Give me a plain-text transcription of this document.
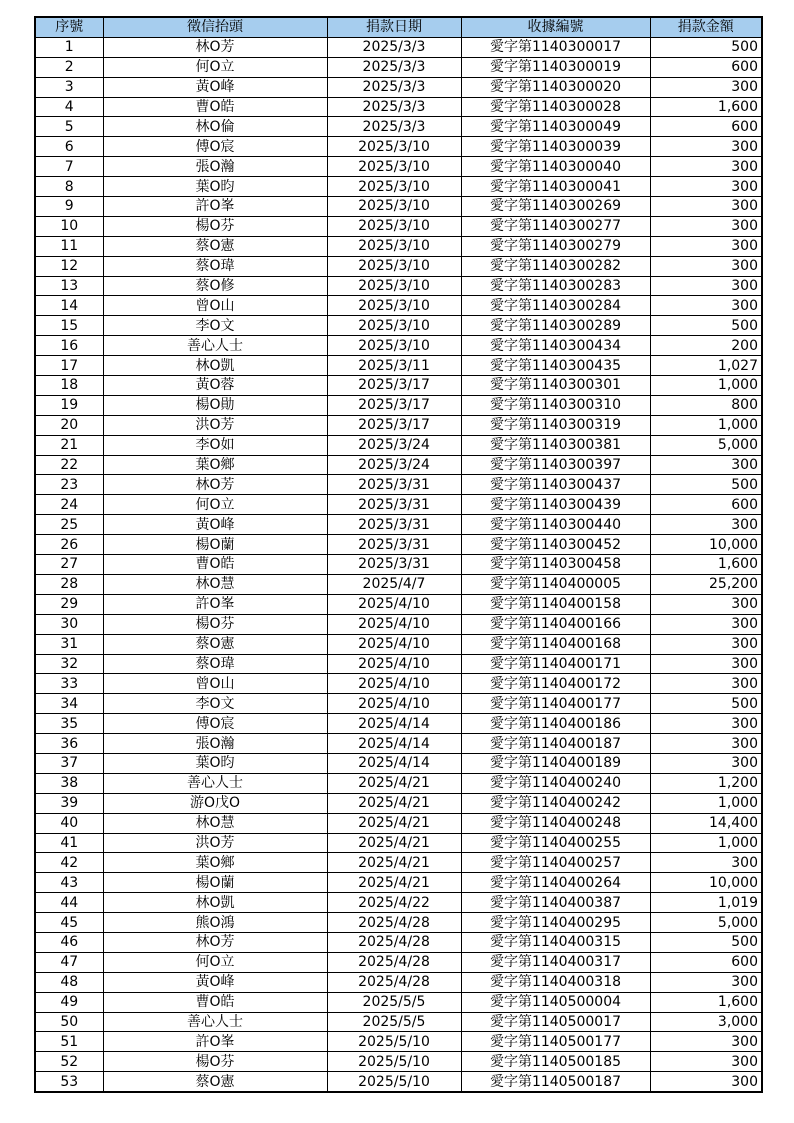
序號	徵信抬頭	捐款日期	收據編號	捐款金額
1	林O芳	2025/3/3	愛字第1140300017	500
2	何O立	2025/3/3	愛字第1140300019	600
3	黃O峰	2025/3/3	愛字第1140300020	300
4	曹O皓	2025/3/3	愛字第1140300028	1,600
5	林O倫	2025/3/3	愛字第1140300049	600
6	傅O宸	2025/3/10	愛字第1140300039	300
7	張O瀚	2025/3/10	愛字第1140300040	300
8	葉O昀	2025/3/10	愛字第1140300041	300
9	許O峯	2025/3/10	愛字第1140300269	300
10	楊O芬	2025/3/10	愛字第1140300277	300
11	蔡O憲	2025/3/10	愛字第1140300279	300
12	蔡O瑋	2025/3/10	愛字第1140300282	300
13	蔡O修	2025/3/10	愛字第1140300283	300
14	曾O山	2025/3/10	愛字第1140300284	300
15	李O文	2025/3/10	愛字第1140300289	500
16	善心人士	2025/3/10	愛字第1140300434	200
17	林O凱	2025/3/11	愛字第1140300435	1,027
18	黃O蓉	2025/3/17	愛字第1140300301	1,000
19	楊O勛	2025/3/17	愛字第1140300310	800
20	洪O芳	2025/3/17	愛字第1140300319	1,000
21	李O如	2025/3/24	愛字第1140300381	5,000
22	葉O鄉	2025/3/24	愛字第1140300397	300
23	林O芳	2025/3/31	愛字第1140300437	500
24	何O立	2025/3/31	愛字第1140300439	600
25	黃O峰	2025/3/31	愛字第1140300440	300
26	楊O蘭	2025/3/31	愛字第1140300452	10,000
27	曹O皓	2025/3/31	愛字第1140300458	1,600
28	林O慧	2025/4/7	愛字第1140400005	25,200
29	許O峯	2025/4/10	愛字第1140400158	300
30	楊O芬	2025/4/10	愛字第1140400166	300
31	蔡O憲	2025/4/10	愛字第1140400168	300
32	蔡O瑋	2025/4/10	愛字第1140400171	300
33	曾O山	2025/4/10	愛字第1140400172	300
34	李O文	2025/4/10	愛字第1140400177	500
35	傅O宸	2025/4/14	愛字第1140400186	300
36	張O瀚	2025/4/14	愛字第1140400187	300
37	葉O昀	2025/4/14	愛字第1140400189	300
38	善心人士	2025/4/21	愛字第1140400240	1,200
39	游O戊O	2025/4/21	愛字第1140400242	1,000
40	林O慧	2025/4/21	愛字第1140400248	14,400
41	洪O芳	2025/4/21	愛字第1140400255	1,000
42	葉O鄉	2025/4/21	愛字第1140400257	300
43	楊O蘭	2025/4/21	愛字第1140400264	10,000
44	林O凱	2025/4/22	愛字第1140400387	1,019
45	熊O鴻	2025/4/28	愛字第1140400295	5,000
46	林O芳	2025/4/28	愛字第1140400315	500
47	何O立	2025/4/28	愛字第1140400317	600
48	黃O峰	2025/4/28	愛字第1140400318	300
49	曹O皓	2025/5/5	愛字第1140500004	1,600
50	善心人士	2025/5/5	愛字第1140500017	3,000
51	許O峯	2025/5/10	愛字第1140500177	300
52	楊O芬	2025/5/10	愛字第1140500185	300
53	蔡O憲	2025/5/10	愛字第1140500187	300
